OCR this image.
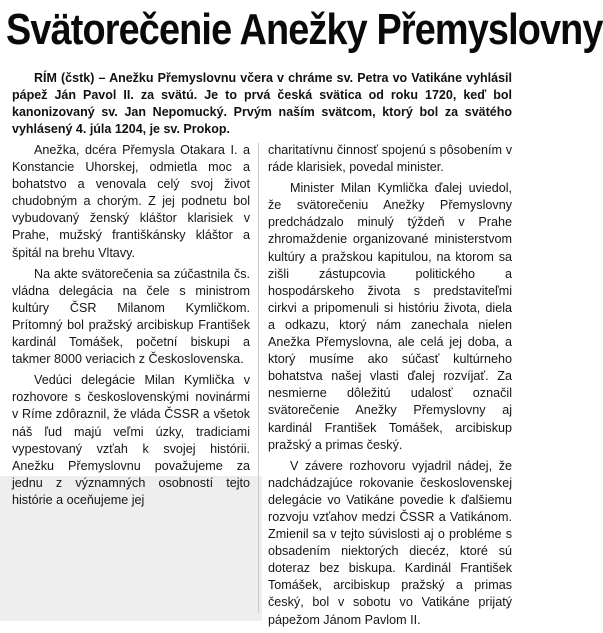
Svätorečenie Anežky Přemyslovny
RÍM (čstk) – Anežku Přemyslovnu včera v chráme sv. Petra vo Vatikáne vyhlásil pápež Ján Pavol II. za svätú. Je to prvá česká svätica od roku 1720, keď bol kanonizovaný sv. Jan Nepomucký. Prvým naším svätcom, ktorý bol za svätého vyhlásený 4. júla 1204, je sv. Prokop.

Anežka, dcéra Přemysla Otakara I. a Konstancie Uhorskej, odmietla moc a bohatstvo a venovala celý svoj život chudobným a chorým. Z jej podnetu bol vybudovaný ženský kláštor klarisiek v Prahe, mužský františkánsky kláštor a špitál na brehu Vltavy.

Na akte svätorečenia sa zúčastnila čs. vládna delegácia na čele s ministrom kultúry ČSR Milanom Kymličkom. Prítomný bol pražský arcibiskup František kardinál Tomášek, početní biskupi a takmer 8000 veriacich z Československa.

Vedúci delegácie Milan Kymlička v rozhovore s československými novinármi v Ríme zdôraznil, že vláda ČSSR a všetok náš ľud majú veľmi úzky, tradiciami vypestovaný vzťah k svojej histórii. Anežku Přemyslovnu považujeme za jednu z významných osobností tejto histórie a oceňujeme jej

charitatívnu činnosť spojenú s pôsobením v ráde klarisiek, povedal minister.

Minister Milan Kymlička ďalej uviedol, že svätorečeniu Anežky Přemyslovny predchádzalo minulý týždeň v Prahe zhromaždenie organizované ministerstvom kultúry a pražskou kapitulou, na ktorom sa zišli zástupcovia politického a hospodárskeho života s predstaviteľmi cirkvi a pripomenuli si históriu života, diela a odkazu, ktorý nám zanechala nielen Anežka Přemyslovna, ale celá jej doba, a ktorý musíme ako súčasť kultúrneho bohatstva našej vlasti ďalej rozvíjať. Za nesmierne dôležitú udalosť označil svätorečenie Anežky Přemyslovny aj kardinál František Tomášek, arcibiskup pražský a primas český.

V závere rozhovoru vyjadril nádej, že nadchádzajúce rokovanie československej delegácie vo Vatikáne povedie k ďalšiemu rozvoju vzťahov medzi ČSSR a Vatikánom. Zmienil sa v tejto súvislosti aj o probléme s obsadením niektorých diecéz, ktoré sú doteraz bez biskupa. Kardinál František Tomášek, arcibiskup pražský a primas český, bol v sobotu vo Vatikáne prijatý pápežom Jánom Pavlom II.
